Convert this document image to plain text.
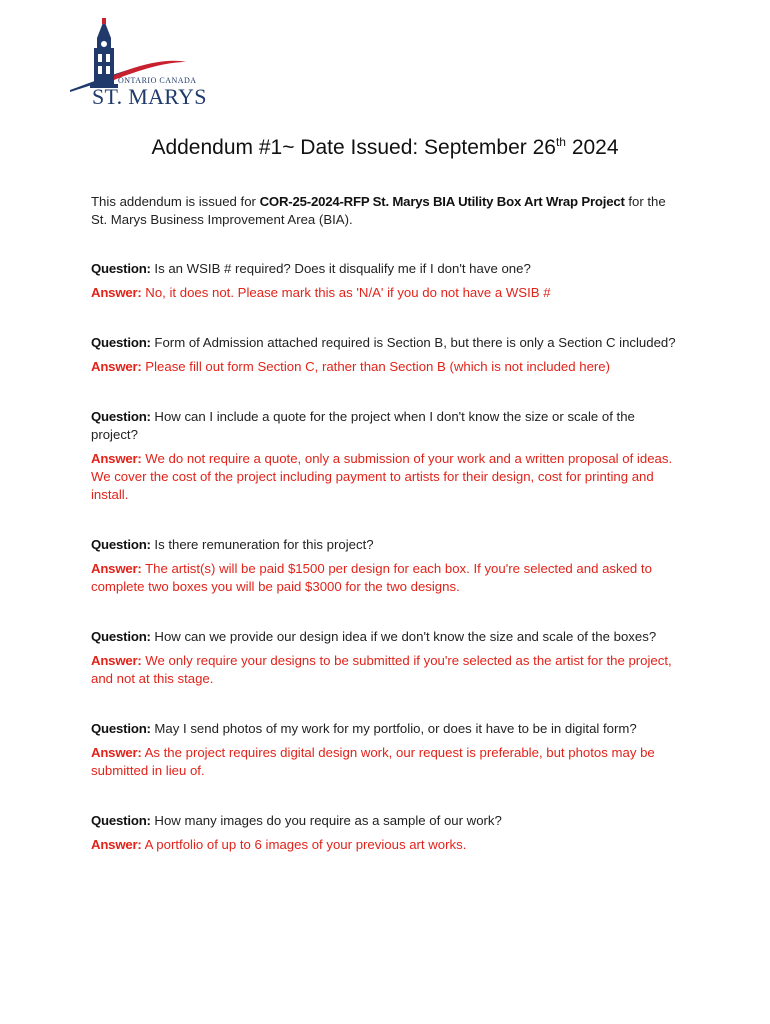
ONTARIO CANADA
ST. MARYS
Addendum #1~ Date Issued: September 26th 2024

This addendum is issued for COR-25-2024-RFP St. Marys BIA Utility Box Art Wrap Project for the St. Marys Business Improvement Area (BIA).

Question: Is an WSIB # required? Does it disqualify me if I don't have one?

Answer: No, it does not. Please mark this as 'N/A' if you do not have a WSIB #

Question: Form of Admission attached required is Section B, but there is only a Section C included?

Answer: Please fill out form Section C, rather than Section B (which is not included here)

Question: How can I include a quote for the project when I don't know the size or scale of the project?

Answer: We do not require a quote, only a submission of your work and a written proposal of ideas. We cover the cost of the project including payment to artists for their design, cost for printing and install.

Question: Is there remuneration for this project?

Answer: The artist(s) will be paid $1500 per design for each box. If you're selected and asked to complete two boxes you will be paid $3000 for the two designs.

Question: How can we provide our design idea if we don't know the size and scale of the boxes?

Answer: We only require your designs to be submitted if you're selected as the artist for the project, and not at this stage.

Question: May I send photos of my work for my portfolio, or does it have to be in digital form?

Answer: As the project requires digital design work, our request is preferable, but photos may be submitted in lieu of.

Question: How many images do you require as a sample of our work?

Answer: A portfolio of up to 6 images of your previous art works.
